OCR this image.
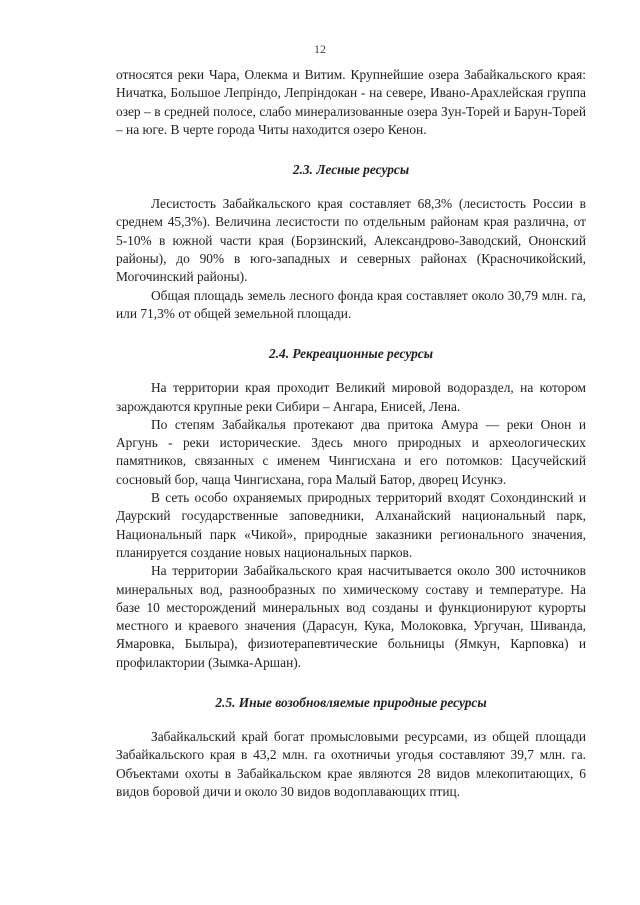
12

относятся реки Чара, Олекма и Витим. Крупнейшие озера Забайкальского края: Ничатка, Большое Лепріндо, Лепріндокан - на севере, Ивано-Арахлейская группа озер – в средней полосе, слабо минерализованные озера Зун-Торей и Барун-Торей – на юге. В черте города Читы находится озеро Кенон.

2.3. Лесные ресурсы

Лесистость Забайкальского края составляет 68,3% (лесистость России в среднем 45,3%). Величина лесистости по отдельным районам края различна, от 5-10% в южной части края (Борзинский, Александрово-Заводский, Ононский районы), до 90% в юго-западных и северных районах (Красночикойский, Могочинский районы).

Общая площадь земель лесного фонда края составляет около 30,79 млн. га, или 71,3% от общей земельной площади.

2.4. Рекреационные ресурсы

На территории края проходит Великий мировой водораздел, на котором зарождаются крупные реки Сибири – Ангара, Енисей, Лена.

По степям Забайкалья протекают два притока Амура –– реки Онон и Аргунь - реки исторические. Здесь много природных и археологических памятников, связанных с именем Чингисхана и его потомков: Цасучейский сосновый бор, чаща Чингисхана, гора Малый Батор, дворец Исункэ.

В сеть особо охраняемых природных территорий входят Сохондинский и Даурский государственные заповедники, Алханайский национальный парк, Национальный парк «Чикой», природные заказники регионального значения, планируется создание новых национальных парков.

На территории Забайкальского края насчитывается около 300 источников минеральных вод, разнообразных по химическому составу и температуре. На базе 10 месторождений минеральных вод созданы и функционируют курорты местного и краевого значения (Дарасун, Кука, Молоковка, Ургучан, Шиванда, Ямаровка, Былыра), физиотерапевтические больницы (Ямкун, Карповка) и профилактории (Зымка-Аршан).

2.5. Иные возобновляемые природные ресурсы

Забайкальский край богат промысловыми ресурсами, из общей площади Забайкальского края в 43,2 млн. га охотничьи угодья составляют 39,7 млн. га. Объектами охоты в Забайкальском крае являются 28 видов млекопитающих, 6 видов боровой дичи и около 30 видов водоплавающих птиц.
